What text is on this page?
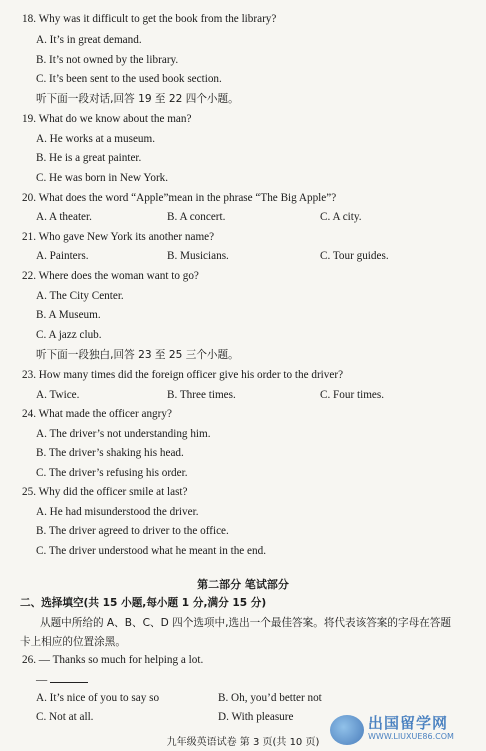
18. Why was it difficult to get the book from the library?
A. It’s in great demand.
B. It’s not owned by the library.
C. It’s been sent to the used book section.
听下面一段对话,回答 19 至 22 四个小题。
19. What do we know about the man?
A. He works at a museum.
B. He is a great painter.
C. He was born in New York.
20. What does the word “Apple”mean in the phrase “The Big Apple”?
A. A theater.	B. A concert.	C. A city.
21. Who gave New York its another name?
A. Painters.	B. Musicians.	C. Tour guides.
22. Where does the woman want to go?
A. The City Center.
B. A Museum.
C. A jazz club.
听下面一段独白,回答 23 至 25 三个小题。
23. How many times did the foreign officer give his order to the driver?
A. Twice.	B. Three times.	C. Four times.
24. What made the officer angry?
A. The driver’s not understanding him.
B. The driver’s shaking his head.
C. The driver’s refusing his order.
25. Why did the officer smile at last?
A. He had misunderstood the driver.
B. The driver agreed to driver to the office.
C. The driver understood what he meant in the end.
第二部分 笔试部分
二、选择填空(共 15 小题,每小题 1 分,满分 15 分)
从题中所给的 A、B、C、D 四个选项中,选出一个最佳答案。将代表该答案的字母在答题
卡上相应的位置涂黑。
26. — Thanks so much for helping a lot.
—
A. It’s nice of you to say so	B. Oh, you’d better not
C. Not at all.	D. With pleasure
九年级英语试卷 第 3 页(共 10 页)
出国留学网
WWW.LIUXUE86.COM
